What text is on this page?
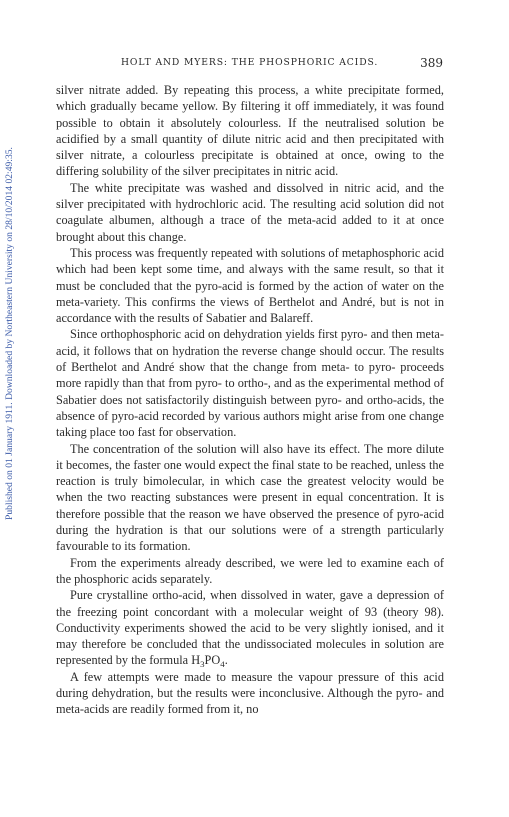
Published on 01 January 1911. Downloaded by Northeastern University on 28/10/2014 02:49:35.
HOLT AND MYERS: THE PHOSPHORIC ACIDS.	389

silver nitrate added. By repeating this process, a white precipitate formed, which gradually became yellow. By filtering it off immediately, it was found possible to obtain it absolutely colourless. If the neutralised solution be acidified by a small quantity of dilute nitric acid and then precipitated with silver nitrate, a colourless precipitate is obtained at once, owing to the differing solubility of the silver precipitates in nitric acid.

The white precipitate was washed and dissolved in nitric acid, and the silver precipitated with hydrochloric acid. The resulting acid solution did not coagulate albumen, although a trace of the meta-acid added to it at once brought about this change.

This process was frequently repeated with solutions of metaphosphoric acid which had been kept some time, and always with the same result, so that it must be concluded that the pyro-acid is formed by the action of water on the meta-variety. This confirms the views of Berthelot and André, but is not in accordance with the results of Sabatier and Balareff.

Since orthophosphoric acid on dehydration yields first pyro- and then meta-acid, it follows that on hydration the reverse change should occur. The results of Berthelot and André show that the change from meta- to pyro- proceeds more rapidly than that from pyro- to ortho-, and as the experimental method of Sabatier does not satisfactorily distinguish between pyro- and ortho-acids, the absence of pyro-acid recorded by various authors might arise from one change taking place too fast for observation.

The concentration of the solution will also have its effect. The more dilute it becomes, the faster one would expect the final state to be reached, unless the reaction is truly bimolecular, in which case the greatest velocity would be when the two reacting substances were present in equal concentration. It is therefore possible that the reason we have observed the presence of pyro-acid during the hydration is that our solutions were of a strength particularly favourable to its formation.

From the experiments already described, we were led to examine each of the phosphoric acids separately.

Pure crystalline ortho-acid, when dissolved in water, gave a depression of the freezing point concordant with a molecular weight of 93 (theory 98). Conductivity experiments showed the acid to be very slightly ionised, and it may therefore be concluded that the undissociated molecules in solution are represented by the formula $H_3PO_4$.

A few attempts were made to measure the vapour pressure of this acid during dehydration, but the results were inconclusive. Although the pyro- and meta-acids are readily formed from it, no
